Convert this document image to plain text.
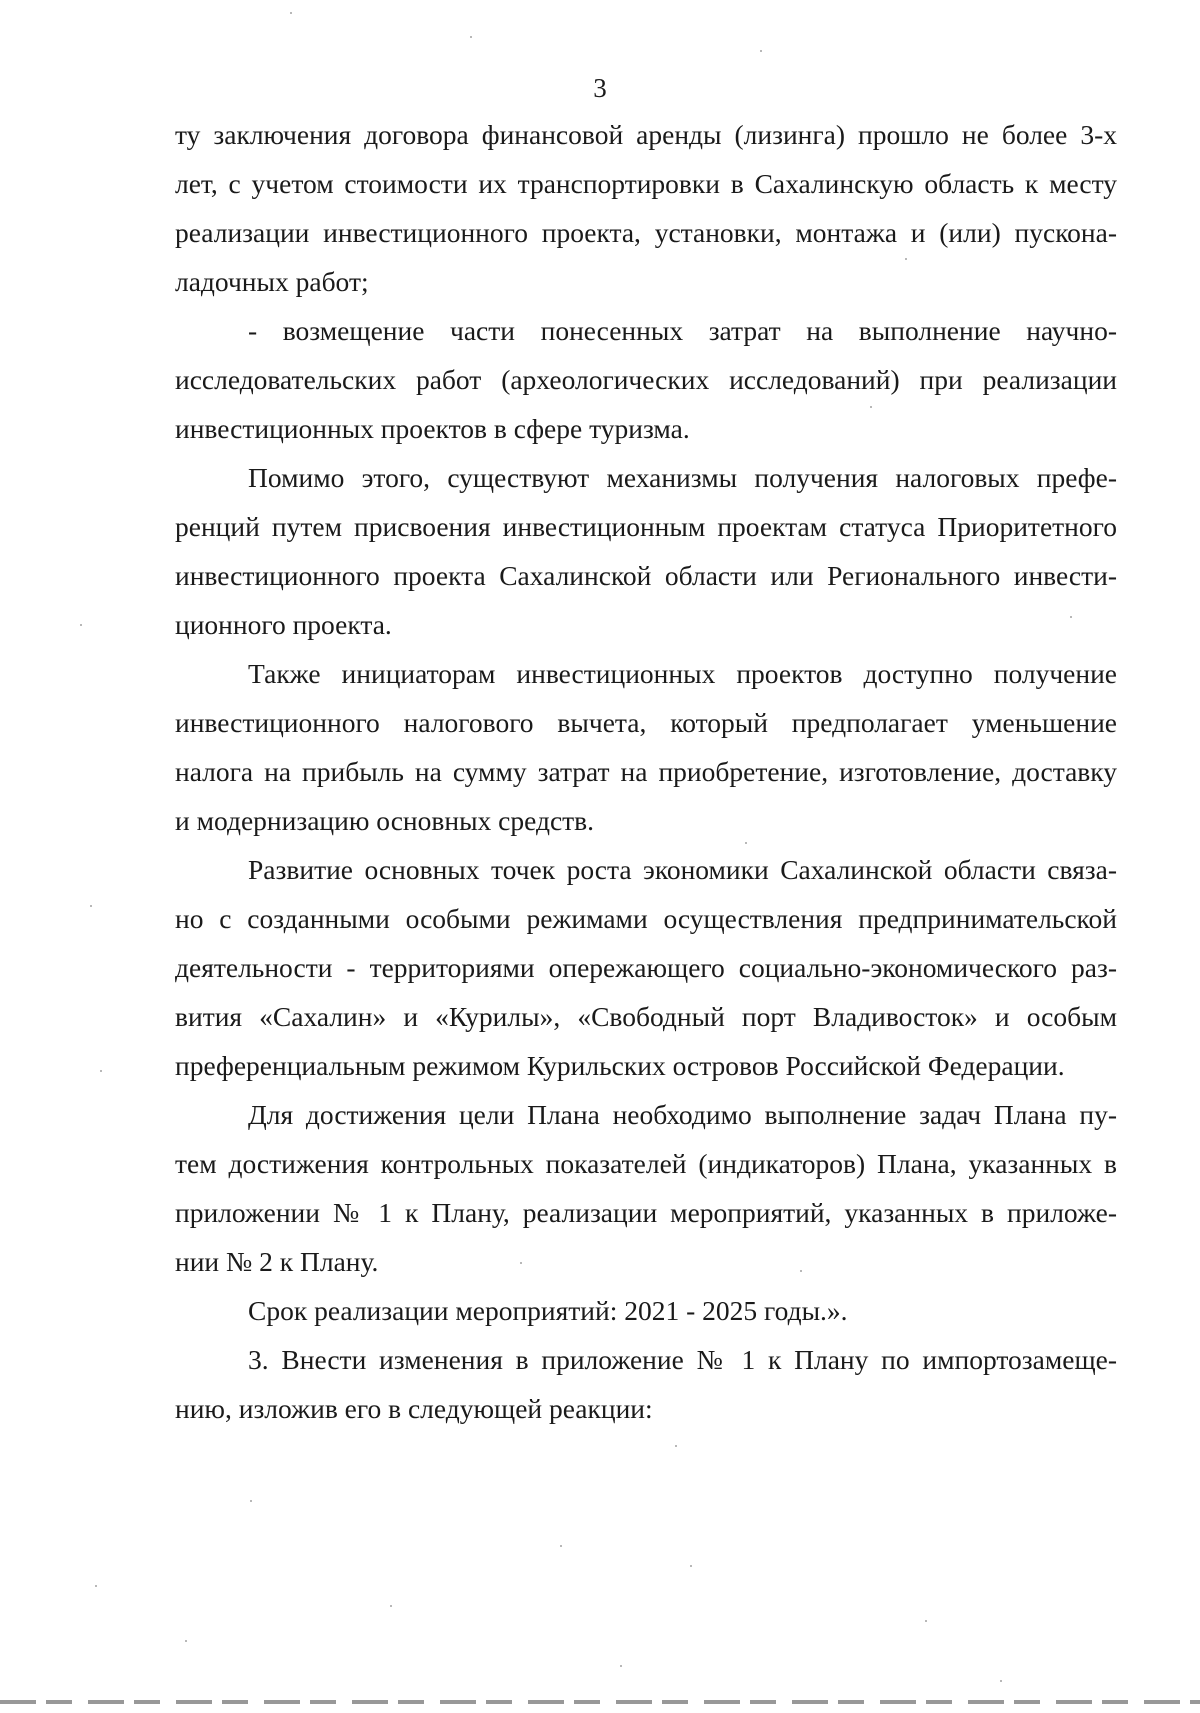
3
ту заключения договора финансовой аренды (лизинга) прошло не более 3-х
лет, с учетом стоимости их транспортировки в Сахалинскую область к месту
реализации инвестиционного проекта, установки, монтажа и (или) пускона-
ладочных работ;
- возмещение части понесенных затрат на выполнение научно-
исследовательских работ (археологических исследований) при реализации
инвестиционных проектов в сфере туризма.
Помимо этого, существуют механизмы получения налоговых префе-
ренций путем присвоения инвестиционным проектам статуса Приоритетного
инвестиционного проекта Сахалинской области или Регионального инвести-
ционного проекта.
Также инициаторам инвестиционных проектов доступно получение
инвестиционного налогового вычета, который предполагает уменьшение
налога на прибыль на сумму затрат на приобретение, изготовление, доставку
и модернизацию основных средств.
Развитие основных точек роста экономики Сахалинской области связа-
но с созданными особыми режимами осуществления предпринимательской
деятельности - территориями опережающего социально-экономического раз-
вития «Сахалин» и «Курилы», «Свободный порт Владивосток» и особым
преференциальным режимом Курильских островов Российской Федерации.
Для достижения цели Плана необходимо выполнение задач Плана пу-
тем достижения контрольных показателей (индикаторов) Плана, указанных в
приложении № 1 к Плану, реализации мероприятий, указанных в приложе-
нии № 2 к Плану.
Срок реализации мероприятий: 2021 - 2025 годы.».
3. Внести изменения в приложение № 1 к Плану по импортозамеще-
нию, изложив его в следующей реакции:
